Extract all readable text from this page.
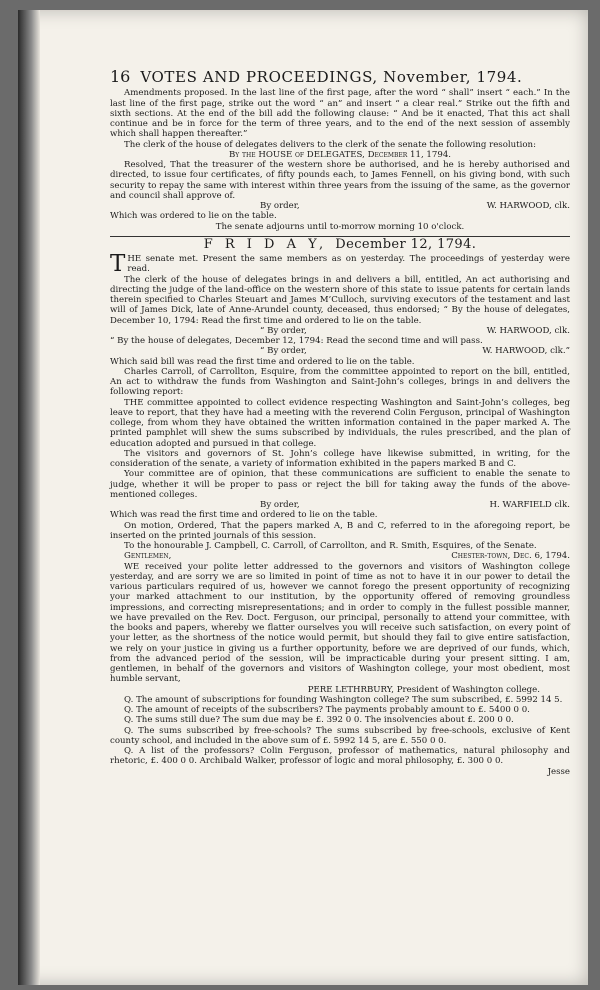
16 VOTES AND PROCEEDINGS, November, 1794.

Amendments proposed. In the last line of the first page, after the word “ shall” insert “ each.” In the last line of the first page, strike out the word “ an” and insert “ a clear real.” Strike out the fifth and sixth sections. At the end of the bill add the following clause: “ And be it enacted, That this act shall continue and be in force for the term of three years, and to the end of the next session of assembly which shall happen thereafter.”

The clerk of the house of delegates delivers to the clerk of the senate the following resolution:

By the HOUSE of DELEGATES, December 11, 1794.

Resolved, That the treasurer of the western shore be authorised, and he is hereby authorised and directed, to issue four certificates, of fifty pounds each, to James Fennell, on his giving bond, with such security to repay the same with interest within three years from the issuing of the same, as the governor and council shall approve of.

By order,	W. HARWOOD, clk.

Which was ordered to lie on the table.

The senate adjourns until to-morrow morning 10 o'clock.

F R I D A Y, December 12, 1794.

THE senate met. Present the same members as on yesterday. The proceedings of yesterday were read.

The clerk of the house of delegates brings in and delivers a bill, entitled, An act authorising and directing the judge of the land-office on the western shore of this state to issue patents for certain lands therein specified to Charles Steuart and James M’Culloch, surviving executors of the testament and last will of James Dick, late of Anne-Arundel county, deceased, thus endorsed; “ By the house of delegates, December 10, 1794: Read the first time and ordered to lie on the table.

“ By order,	W. HARWOOD, clk.

“ By the house of delegates, December 12, 1794: Read the second time and will pass.

“ By order,	W. HARWOOD, clk.”

Which said bill was read the first time and ordered to lie on the table.

Charles Carroll, of Carrollton, Esquire, from the committee appointed to report on the bill, entitled, An act to withdraw the funds from Washington and Saint-John’s colleges, brings in and delivers the following report:

THE committee appointed to collect evidence respecting Washington and Saint-John’s colleges, beg leave to report, that they have had a meeting with the reverend Colin Ferguson, principal of Washington college, from whom they have obtained the written information contained in the paper marked A. The printed pamphlet will shew the sums subscribed by individuals, the rules prescribed, and the plan of education adopted and pursued in that college.

The visitors and governors of St. John’s college have likewise submitted, in writing, for the consideration of the senate, a variety of information exhibited in the papers marked B and C.

Your committee are of opinion, that these communications are sufficient to enable the senate to judge, whether it will be proper to pass or reject the bill for taking away the funds of the above-mentioned colleges.

By order,	H. WARFIELD clk.

Which was read the first time and ordered to lie on the table.

On motion, Ordered, That the papers marked A, B and C, referred to in the aforegoing report, be inserted on the printed journals of this session.

To the honourable J. Campbell, C. Carroll, of Carrollton, and R. Smith, Esquires, of the Senate.

Gentlemen,	Chester-town, Dec. 6, 1794.

WE received your polite letter addressed to the governors and visitors of Washington college yesterday, and are sorry we are so limited in point of time as not to have it in our power to detail the various particulars required of us, however we cannot forego the present opportunity of recognizing your marked attachment to our institution, by the opportunity offered of removing groundless impressions, and correcting misrepresentations; and in order to comply in the fullest possible manner, we have prevailed on the Rev. Doct. Ferguson, our principal, personally to attend your committee, with the books and papers, whereby we flatter ourselves you will receive such satisfaction, on every point of your letter, as the shortness of the notice would permit, but should they fail to give entire satisfaction, we rely on your justice in giving us a further opportunity, before we are deprived of our funds, which, from the advanced period of the session, will be impracticable during your present sitting. I am, gentlemen, in behalf of the governors and visitors of Washington college, your most obedient, most humble servant,

PERE LETHRBURY, President of Washington college.

Q. The amount of subscriptions for founding Washington college? The sum subscribed, £. 5992 14 5.

Q. The amount of receipts of the subscribers? The payments probably amount to £. 5400 0 0.

Q. The sums still due? The sum due may be £. 392 0 0. The insolvencies about £. 200 0 0.

Q. The sums subscribed by free-schools? The sums subscribed by free-schools, exclusive of Kent county school, and included in the above sum of £. 5992 14 5, are £. 550 0 0.

Q. A list of the professors? Colin Ferguson, professor of mathematics, natural philosophy and rhetoric, £. 400 0 0. Archibald Walker, professor of logic and moral philosophy, £. 300 0 0.

Jesse
